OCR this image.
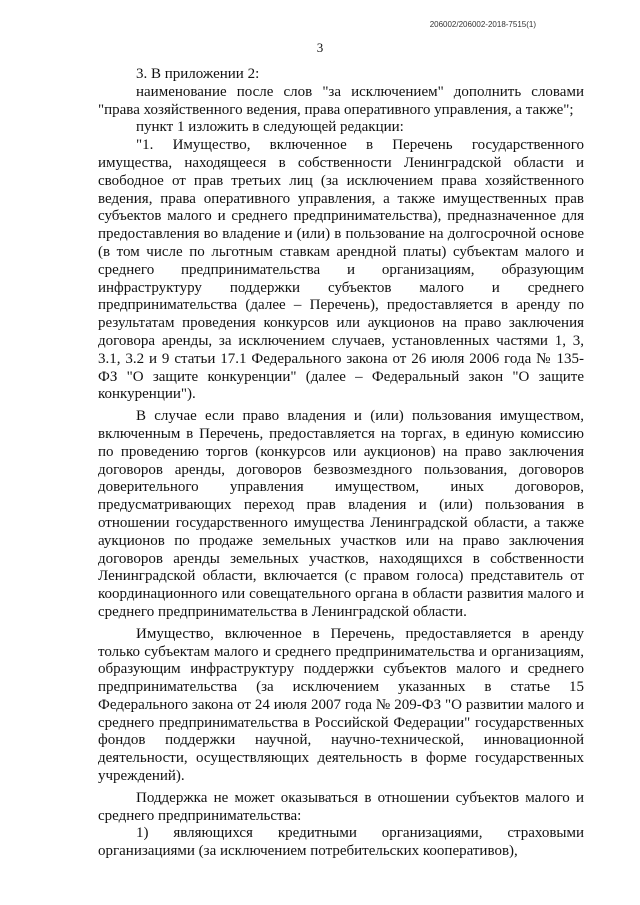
206002/206002-2018-7515(1)
3

3. В приложении 2:

наименование после слов "за исключением" дополнить словами "права хозяйственного ведения, права оперативного управления, а также";

пункт 1 изложить в следующей редакции:

"1. Имущество, включенное в Перечень государственного имущества, находящееся в собственности Ленинградской области и свободное от прав третьих лиц (за исключением права хозяйственного ведения, права оперативного управления, а также имущественных прав субъектов малого и среднего предпринимательства), предназначенное для предоставления во владение и (или) в пользование на долгосрочной основе (в том числе по льготным ставкам арендной платы) субъектам малого и среднего предпринимательства и организациям, образующим инфраструктуру поддержки субъектов малого и среднего предпринимательства (далее – Перечень), предоставляется в аренду по результатам проведения конкурсов или аукционов на право заключения договора аренды, за исключением случаев, установленных частями 1, 3, 3.1, 3.2 и 9 статьи 17.1 Федерального закона от 26 июля 2006 года № 135-ФЗ "О защите конкуренции" (далее – Федеральный закон "О защите конкуренции").

В случае если право владения и (или) пользования имуществом, включенным в Перечень, предоставляется на торгах, в единую комиссию по проведению торгов (конкурсов или аукционов) на право заключения договоров аренды, договоров безвозмездного пользования, договоров доверительного управления имуществом, иных договоров, предусматривающих переход прав владения и (или) пользования в отношении государственного имущества Ленинградской области, а также аукционов по продаже земельных участков или на право заключения договоров аренды земельных участков, находящихся в собственности Ленинградской области, включается (с правом голоса) представитель от координационного или совещательного органа в области развития малого и среднего предпринимательства в Ленинградской области.

Имущество, включенное в Перечень, предоставляется в аренду только субъектам малого и среднего предпринимательства и организациям, образующим инфраструктуру поддержки субъектов малого и среднего предпринимательства (за исключением указанных в статье 15 Федерального закона от 24 июля 2007 года № 209-ФЗ "О развитии малого и среднего предпринимательства в Российской Федерации" государственных фондов поддержки научной, научно-технической, инновационной деятельности, осуществляющих деятельность в форме государственных учреждений).

Поддержка не может оказываться в отношении субъектов малого и среднего предпринимательства:

1) являющихся кредитными организациями, страховыми организациями (за исключением потребительских кооперативов),
